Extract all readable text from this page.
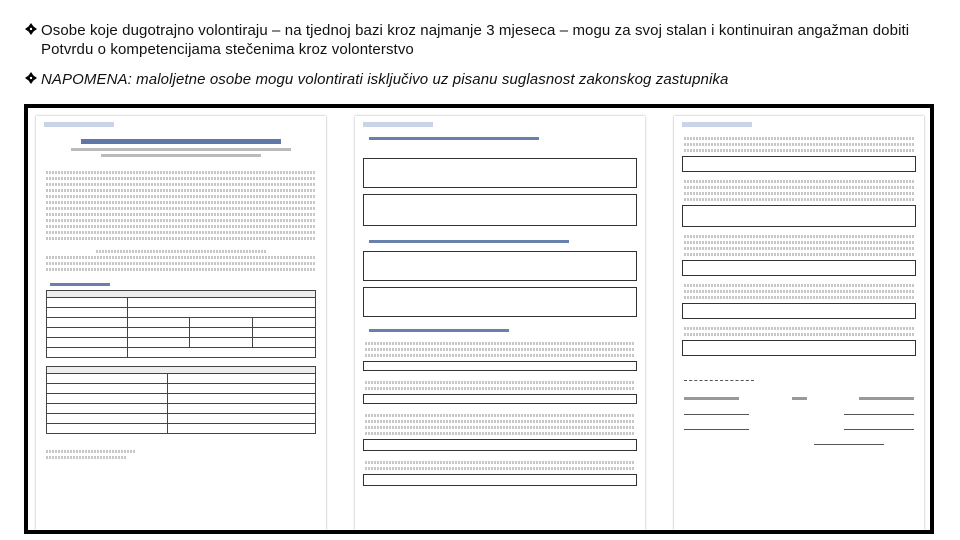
Osobe koje dugotrajno volontiraju – na tjednoj bazi kroz najmanje 3 mjeseca – mogu za svoj stalan i kontinuiran angažman dobiti Potvrdu o kompetencijama stečenima kroz volonterstvo
NAPOMENA: maloljetne osobe mogu volontirati isključivo uz pisanu suglasnost zakonskog zastupnika
